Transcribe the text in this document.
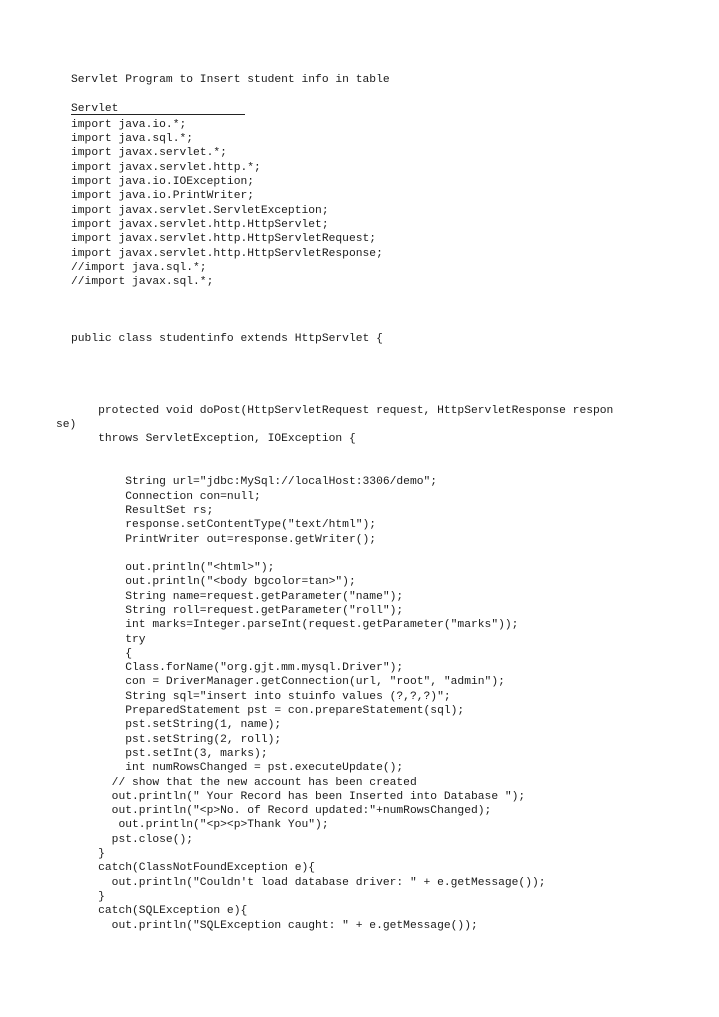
Servlet Program to Insert student info in table
Servlet
import java.io.*;
import java.sql.*;
import javax.servlet.*;
import javax.servlet.http.*;
import java.io.IOException;
import java.io.PrintWriter;
import javax.servlet.ServletException;
import javax.servlet.http.HttpServlet;
import javax.servlet.http.HttpServletRequest;
import javax.servlet.http.HttpServletResponse;
//import java.sql.*;
//import javax.sql.*;
public class studentinfo extends HttpServlet {
protected void doPost(HttpServletRequest request, HttpServletResponse respon
se)
throws ServletException, IOException {
String url="jdbc:MySql://localHost:3306/demo";
Connection con=null;
ResultSet rs;
response.setContentType("text/html");
PrintWriter out=response.getWriter();
out.println("<html>");
out.println("<body bgcolor=tan>");
String name=request.getParameter("name");
String roll=request.getParameter("roll");
int marks=Integer.parseInt(request.getParameter("marks"));
try
{
Class.forName("org.gjt.mm.mysql.Driver");
con = DriverManager.getConnection(url, "root", "admin");
String sql="insert into stuinfo values (?,?,?)";
PreparedStatement pst = con.prepareStatement(sql);
pst.setString(1, name);
pst.setString(2, roll);
pst.setInt(3, marks);
int numRowsChanged = pst.executeUpdate();
// show that the new account has been created
out.println(" Your Record has been Inserted into Database ");
out.println("<p>No. of Record updated:"+numRowsChanged);
out.println("<p><p>Thank You");
pst.close();
}
catch(ClassNotFoundException e){
out.println("Couldn't load database driver: " + e.getMessage());
}
catch(SQLException e){
out.println("SQLException caught: " + e.getMessage());
